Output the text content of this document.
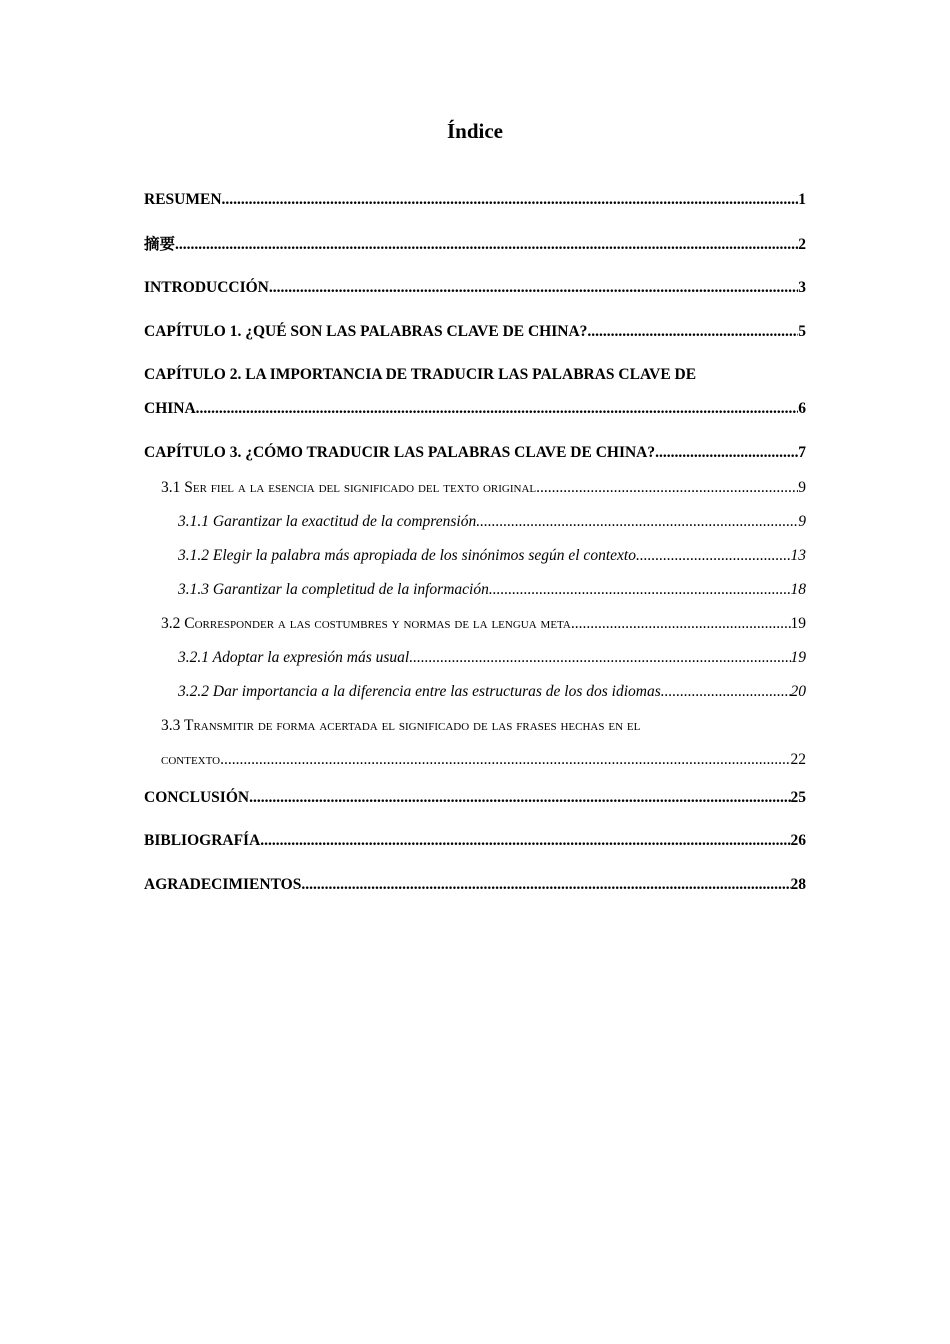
Índice
RESUMEN .....	1
摘要 .....	2
INTRODUCCIÓN .....	3
CAPÍTULO 1. ¿QUÉ SON LAS PALABRAS CLAVE DE CHINA? .....	5
CAPÍTULO 2. LA IMPORTANCIA DE TRADUCIR LAS PALABRAS CLAVE DE
CHINA .....	6
CAPÍTULO 3. ¿CÓMO TRADUCIR LAS PALABRAS CLAVE DE CHINA? .....	7
3.1 Ser fiel a la esencia del significado del texto original .....	9
3.1.1 Garantizar la exactitud de la comprensión .....	9
3.1.2 Elegir la palabra más apropiada de los sinónimos según el contexto .....	13
3.1.3 Garantizar la completitud de la información .....	18
3.2 Corresponder a las costumbres y normas de la lengua meta .....	19
3.2.1 Adoptar la expresión más usual .....	19
3.2.2 Dar importancia a la diferencia entre las estructuras de los dos idiomas .....	20
3.3 Transmitir de forma acertada el significado de las frases hechas en el
contexto .....	22
CONCLUSIÓN .....	25
BIBLIOGRAFÍA .....	26
AGRADECIMIENTOS .....	28
